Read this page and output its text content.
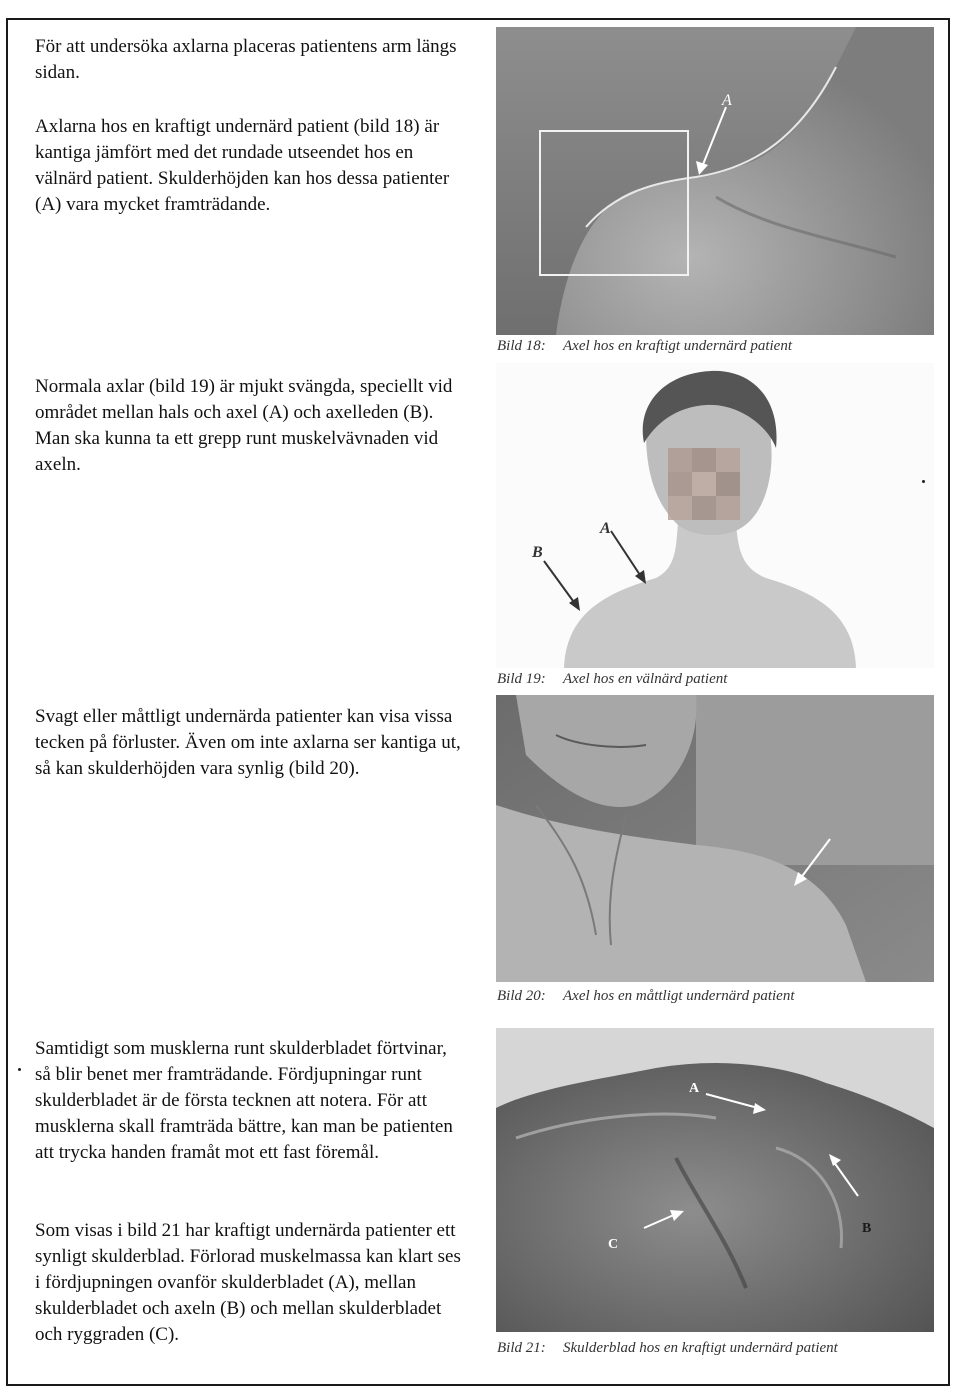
För att undersöka axlarna placeras patientens arm längs sidan.
Axlarna hos en kraftigt undernärd patient (bild 18) är kantiga jämfört med det rundade utseendet hos en välnärd patient. Skulderhöjden kan hos dessa patienter (A) vara mycket framträdande.
Normala axlar (bild 19) är mjukt svängda, speciellt vid området mellan hals och axel (A) och axelleden (B). Man ska kunna ta ett grepp runt muskelvävnaden vid axeln.
Svagt eller måttligt undernärda patienter kan visa vissa tecken på förluster. Även om inte axlarna ser kantiga ut, så kan skulderhöjden vara synlig (bild 20).
Samtidigt som musklerna runt skulderbladet förtvinar, så blir benet mer framträdande. Fördjupningar runt skulderbladet är de första tecknen att notera. För att musklerna skall framträda bättre, kan man be patienten att trycka handen framåt mot ett fast föremål.
Som visas i bild 21 har kraftigt undernärda patienter ett synligt skulderblad. Förlorad muskelmassa kan klart ses i fördjupningen ovanför skulderbladet (A), mellan skulderbladet och axeln (B) och mellan skulderbladet och ryggraden (C).
A
Bild 18: Axel hos en kraftigt undernärd patient
A
B
Bild 19: Axel hos en välnärd patient
Bild 20: Axel hos en måttligt undernärd patient
A
B
C
Bild 21: Skulderblad hos en kraftigt undernärd patient
